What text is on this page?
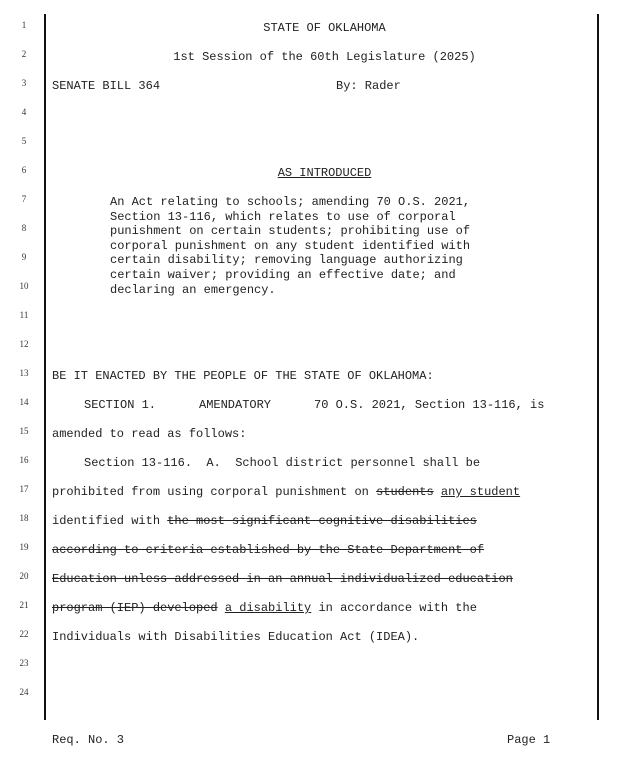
1
2
3
4
5
6
7
8
9
10
11
12
13
14
15
16
17
18
19
20
21
22
23
24
STATE OF OKLAHOMA
1st Session of the 60th Legislature (2025)
SENATE BILL 364	By: Rader
AS INTRODUCED
An Act relating to schools; amending 70 O.S. 2021,
Section 13-116, which relates to use of corporal
punishment on certain students; prohibiting use of
corporal punishment on any student identified with
certain disability; removing language authorizing
certain waiver; providing an effective date; and
declaring an emergency.
BE IT ENACTED BY THE PEOPLE OF THE STATE OF OKLAHOMA:
SECTION 1.	AMENDATORY	70 O.S. 2021, Section 13-116, is
amended to read as follows:
Section 13-116.  A.  School district personnel shall be
prohibited from using corporal punishment on students any student
identified with the most significant cognitive disabilities
according to criteria established by the State Department of
Education unless addressed in an annual individualized education
program (IEP) developed a disability in accordance with the
Individuals with Disabilities Education Act (IDEA).
Req. No. 3	Page 1
